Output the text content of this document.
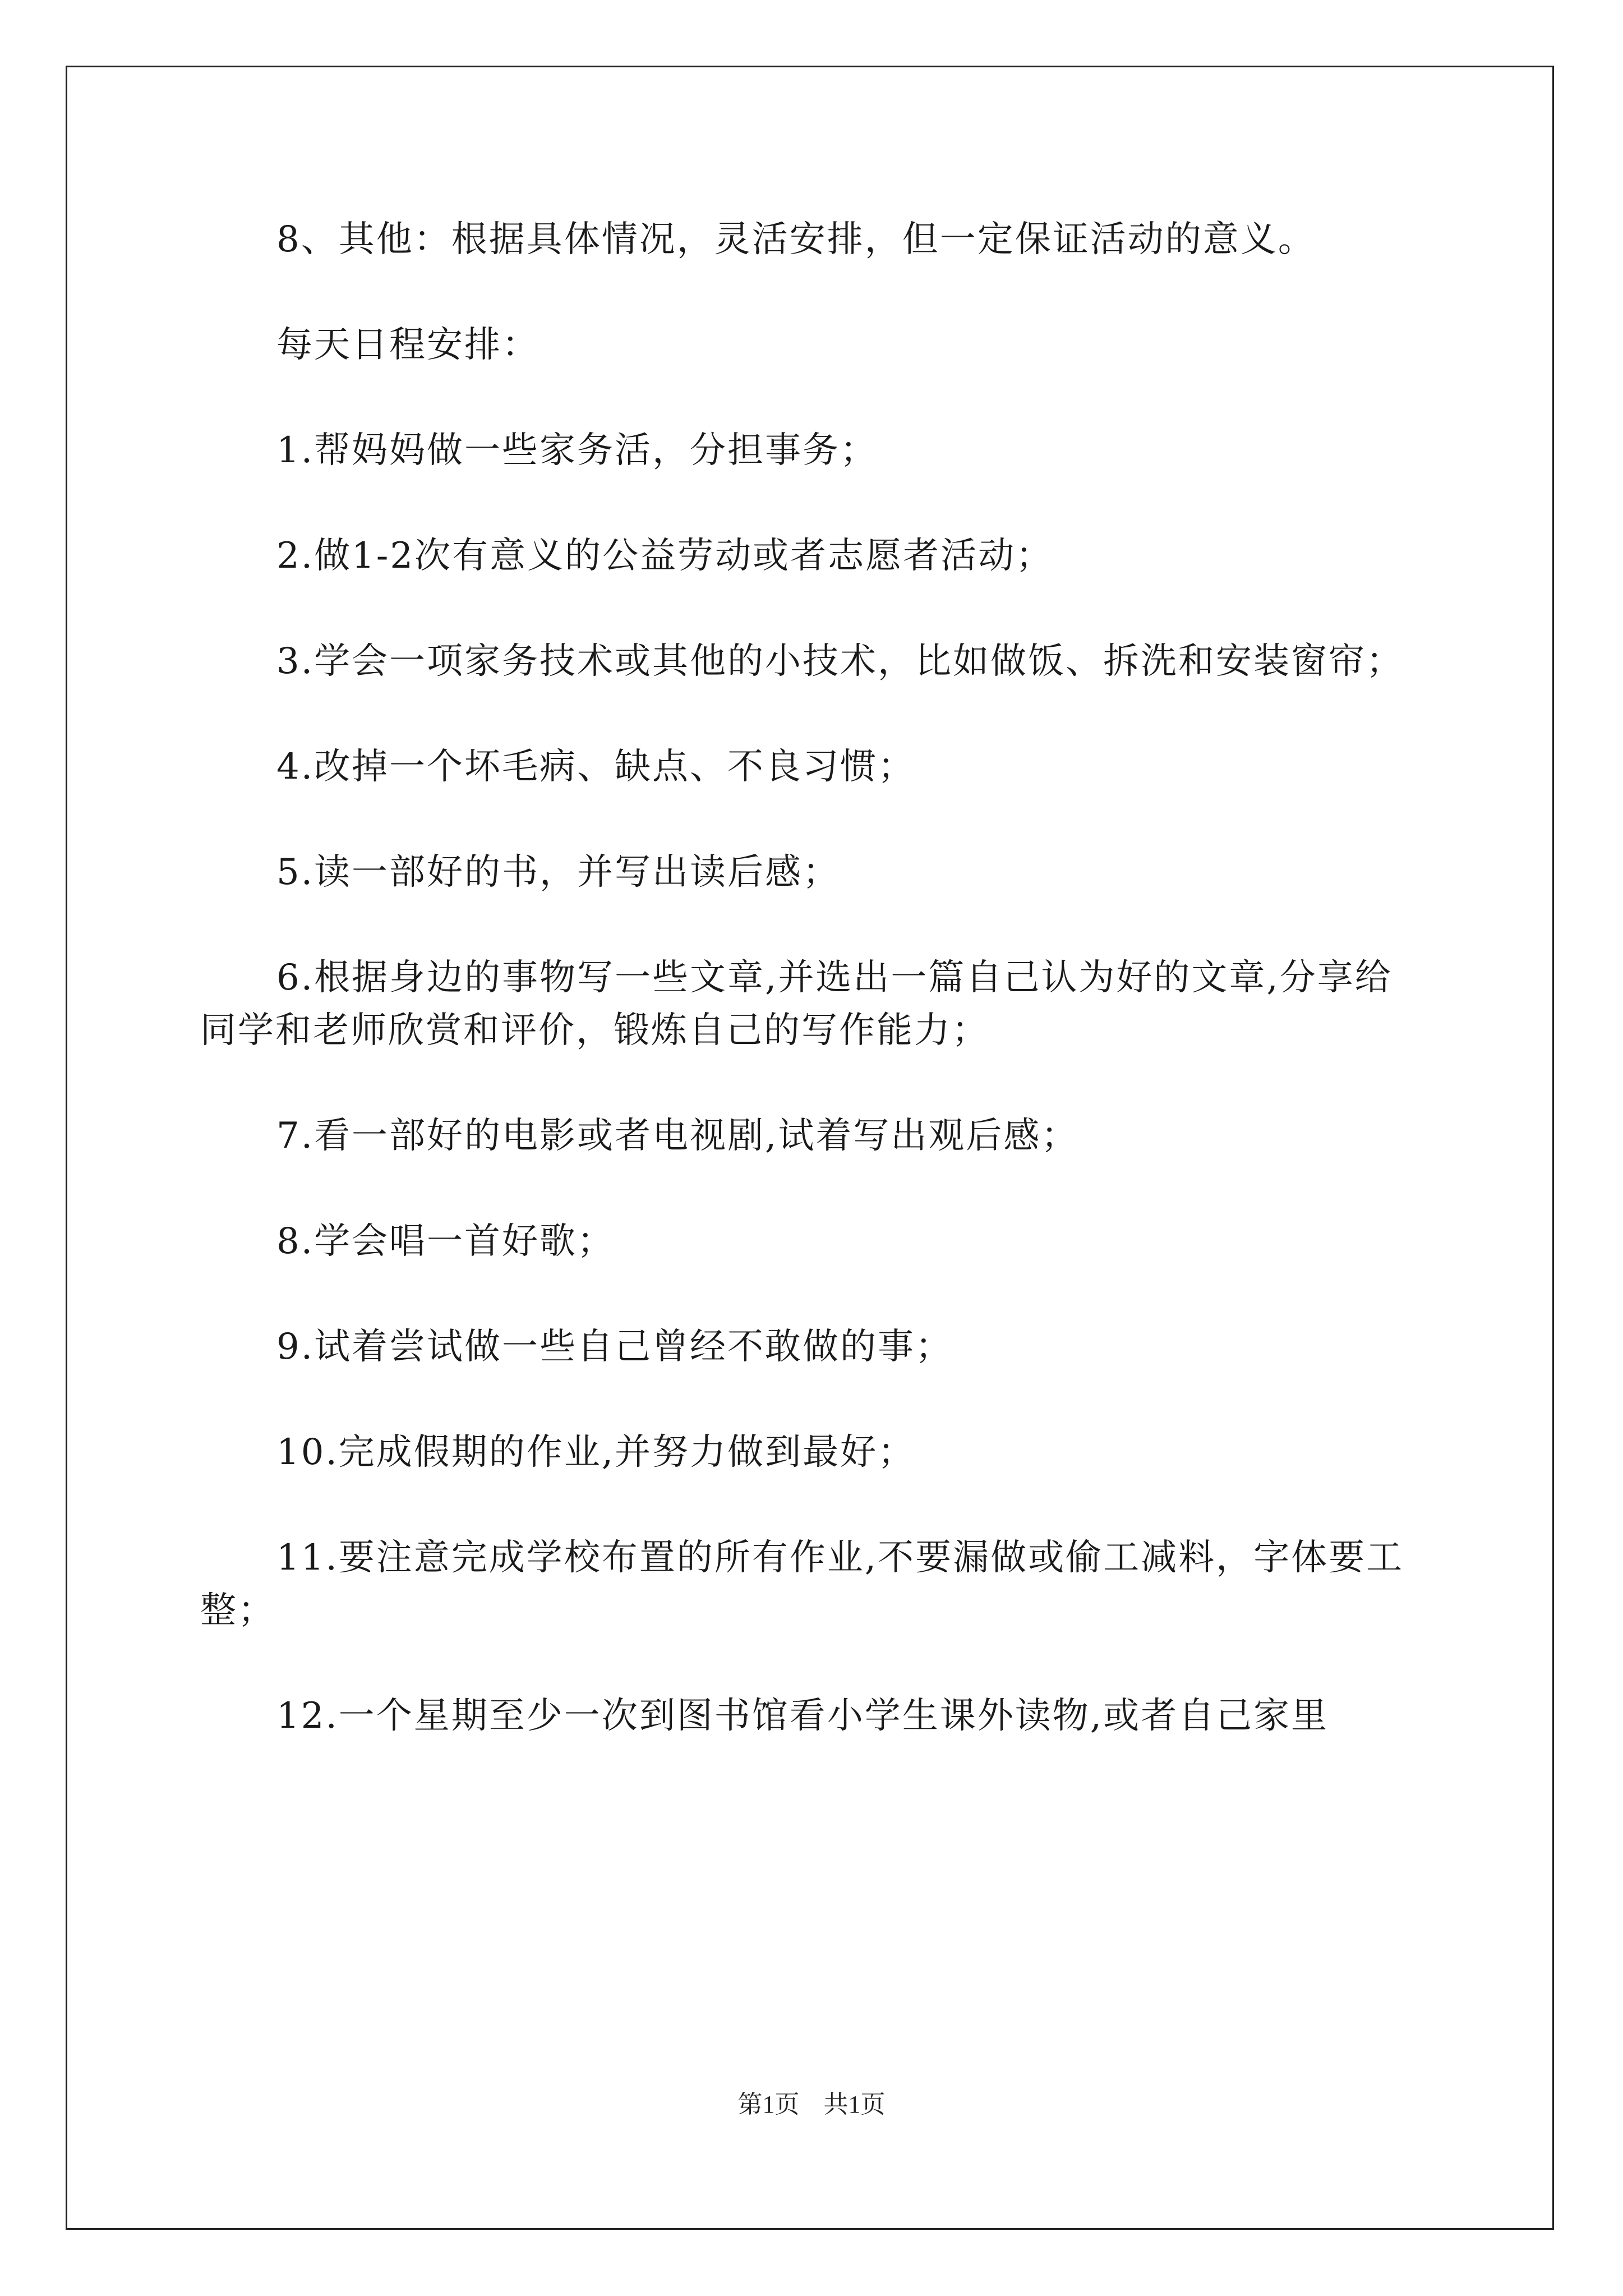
8、其他：根据具体情况，灵活安排，但一定保证活动的意义。

每天日程安排：

1.帮妈妈做一些家务活，分担事务；

2.做1-2次有意义的公益劳动或者志愿者活动；

3.学会一项家务技术或其他的小技术，比如做饭、拆洗和安装窗帘；

4.改掉一个坏毛病、缺点、不良习惯；

5.读一部好的书，并写出读后感；

6.根据身边的事物写一些文章,并选出一篇自己认为好的文章,分享给同学和老师欣赏和评价，锻炼自己的写作能力；

7.看一部好的电影或者电视剧,试着写出观后感；

8.学会唱一首好歌；

9.试着尝试做一些自己曾经不敢做的事；

10.完成假期的作业,并努力做到最好；

11.要注意完成学校布置的所有作业,不要漏做或偷工减料，字体要工整；

12.一个星期至少一次到图书馆看小学生课外读物,或者自己家里

第1页 共1页
